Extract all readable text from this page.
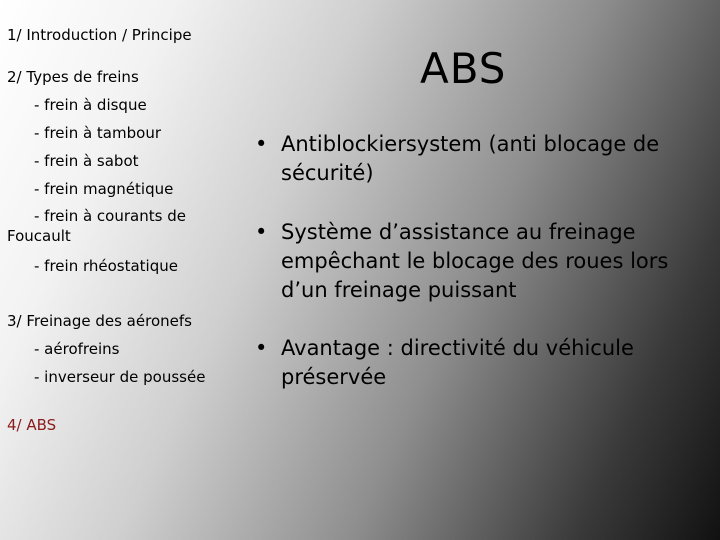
1/ Introduction / Principe
2/ Types de freins
- frein à disque
- frein à tambour
- frein à sabot
- frein magnétique
- frein à courants de Foucault
- frein rhéostatique
3/ Freinage des aéronefs
- aérofreins
- inverseur de poussée
4/ ABS
ABS
• Antiblockiersystem (anti blocage de sécurité)
• Système d’assistance au freinage empêchant le blocage des roues lors d’un freinage puissant
• Avantage : directivité du véhicule préservée
